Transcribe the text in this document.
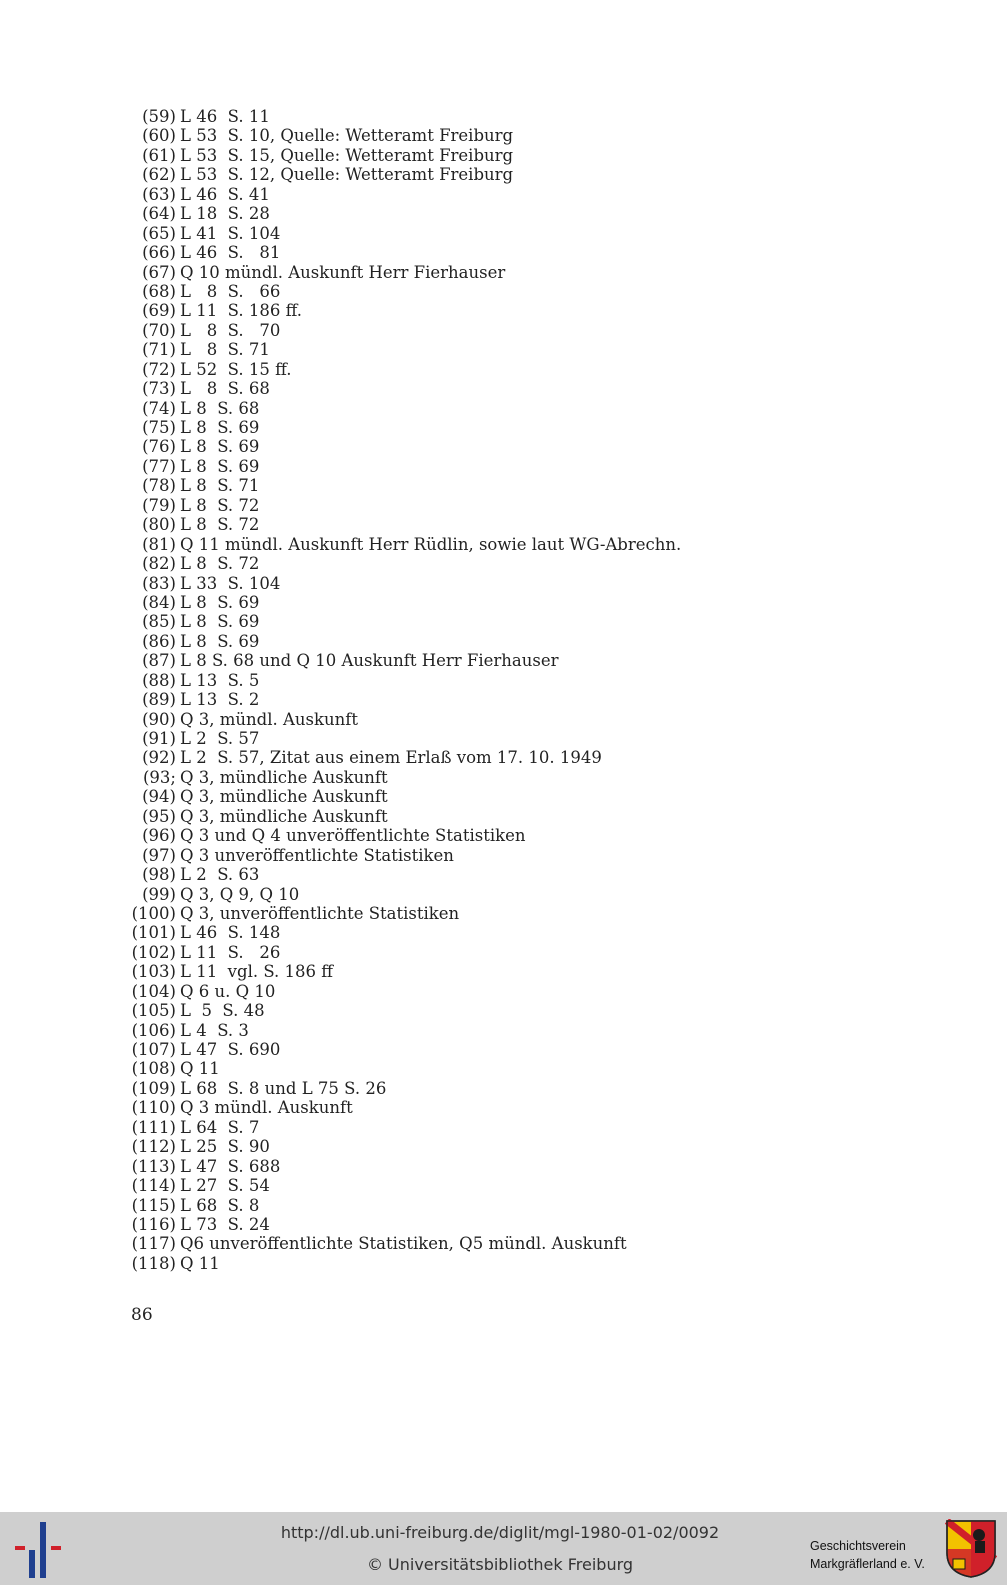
(59) L 46  S. 11
(60) L 53  S. 10, Quelle: Wetteramt Freiburg
(61) L 53  S. 15, Quelle: Wetteramt Freiburg
(62) L 53  S. 12, Quelle: Wetteramt Freiburg
(63) L 46  S. 41
(64) L 18  S. 28
(65) L 41  S. 104
(66) L 46  S.   81
(67) Q 10 mündl. Auskunft Herr Fierhauser
(68) L   8  S.   66
(69) L 11  S. 186 ff.
(70) L   8  S.   70
(71) L   8  S. 71
(72) L 52  S. 15 ff.
(73) L   8  S. 68
(74) L 8  S. 68
(75) L 8  S. 69
(76) L 8  S. 69
(77) L 8  S. 69
(78) L 8  S. 71
(79) L 8  S. 72
(80) L 8  S. 72
(81) Q 11 mündl. Auskunft Herr Rüdlin, sowie laut WG-Abrechn.
(82) L 8  S. 72
(83) L 33  S. 104
(84) L 8  S. 69
(85) L 8  S. 69
(86) L 8  S. 69
(87) L 8 S. 68 und Q 10 Auskunft Herr Fierhauser
(88) L 13  S. 5
(89) L 13  S. 2
(90) Q 3, mündl. Auskunft
(91) L 2  S. 57
(92) L 2  S. 57, Zitat aus einem Erlaß vom 17. 10. 1949
(93; Q 3, mündliche Auskunft
(94) Q 3, mündliche Auskunft
(95) Q 3, mündliche Auskunft
(96) Q 3 und Q 4 unveröffentlichte Statistiken
(97) Q 3 unveröffentlichte Statistiken
(98) L 2  S. 63
(99) Q 3, Q 9, Q 10
(100) Q 3, unveröffentlichte Statistiken
(101) L 46  S. 148
(102) L 11  S.   26
(103) L 11  vgl. S. 186 ff
(104) Q 6 u. Q 10
(105) L  5  S. 48
(106) L 4  S. 3
(107) L 47  S. 690
(108) Q 11
(109) L 68  S. 8 und L 75 S. 26
(110) Q 3 mündl. Auskunft
(111) L 64  S. 7
(112) L 25  S. 90
(113) L 47  S. 688
(114) L 27  S. 54
(115) L 68  S. 8
(116) L 73  S. 24
(117) Q6 unveröffentlichte Statistiken, Q5 mündl. Auskunft
(118) Q 11
86
http://dl.ub.uni-freiburg.de/diglit/mgl-1980-01-02/0092
© Universitätsbibliothek Freiburg
Geschichtsverein
Markgräflerland e. V.
